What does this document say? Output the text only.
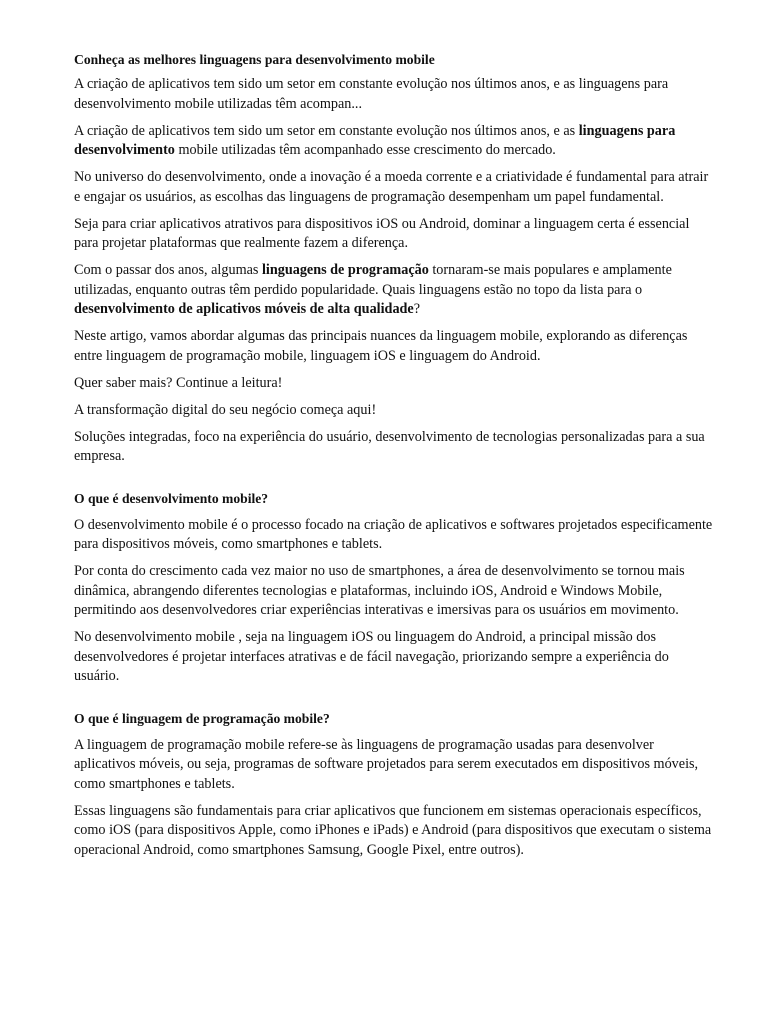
Conheça as melhores linguagens para desenvolvimento mobile

A criação de aplicativos tem sido um setor em constante evolução nos últimos anos, e as linguagens para desenvolvimento mobile utilizadas têm acompan...

A criação de aplicativos tem sido um setor em constante evolução nos últimos anos, e as linguagens para desenvolvimento mobile utilizadas têm acompanhado esse crescimento do mercado.

No universo do desenvolvimento, onde a inovação é a moeda corrente e a criatividade é fundamental para atrair e engajar os usuários, as escolhas das linguagens de programação desempenham um papel fundamental.

Seja para criar aplicativos atrativos para dispositivos iOS ou Android, dominar a linguagem certa é essencial para projetar plataformas que realmente fazem a diferença.

Com o passar dos anos, algumas linguagens de programação tornaram-se mais populares e amplamente utilizadas, enquanto outras têm perdido popularidade. Quais linguagens estão no topo da lista para o desenvolvimento de aplicativos móveis de alta qualidade?

Neste artigo, vamos abordar algumas das principais nuances da linguagem mobile, explorando as diferenças entre linguagem de programação mobile, linguagem iOS e linguagem do Android.

Quer saber mais? Continue a leitura!

A transformação digital do seu negócio começa aqui!

Soluções integradas, foco na experiência do usuário, desenvolvimento de tecnologias personalizadas para a sua empresa.

O que é desenvolvimento mobile?

O desenvolvimento mobile é o processo focado na criação de aplicativos e softwares projetados especificamente para dispositivos móveis, como smartphones e tablets.

Por conta do crescimento cada vez maior no uso de smartphones, a área de desenvolvimento se tornou mais dinâmica, abrangendo diferentes tecnologias e plataformas, incluindo iOS, Android e Windows Mobile, permitindo aos desenvolvedores criar experiências interativas e imersivas para os usuários em movimento.

No desenvolvimento mobile , seja na linguagem iOS ou linguagem do Android, a principal missão dos desenvolvedores é projetar interfaces atrativas e de fácil navegação, priorizando sempre a experiência do usuário.

O que é linguagem de programação mobile?

A linguagem de programação mobile refere-se às linguagens de programação usadas para desenvolver aplicativos móveis, ou seja, programas de software projetados para serem executados em dispositivos móveis, como smartphones e tablets.

Essas linguagens são fundamentais para criar aplicativos que funcionem em sistemas operacionais específicos, como iOS (para dispositivos Apple, como iPhones e iPads) e Android (para dispositivos que executam o sistema operacional Android, como smartphones Samsung, Google Pixel, entre outros).
